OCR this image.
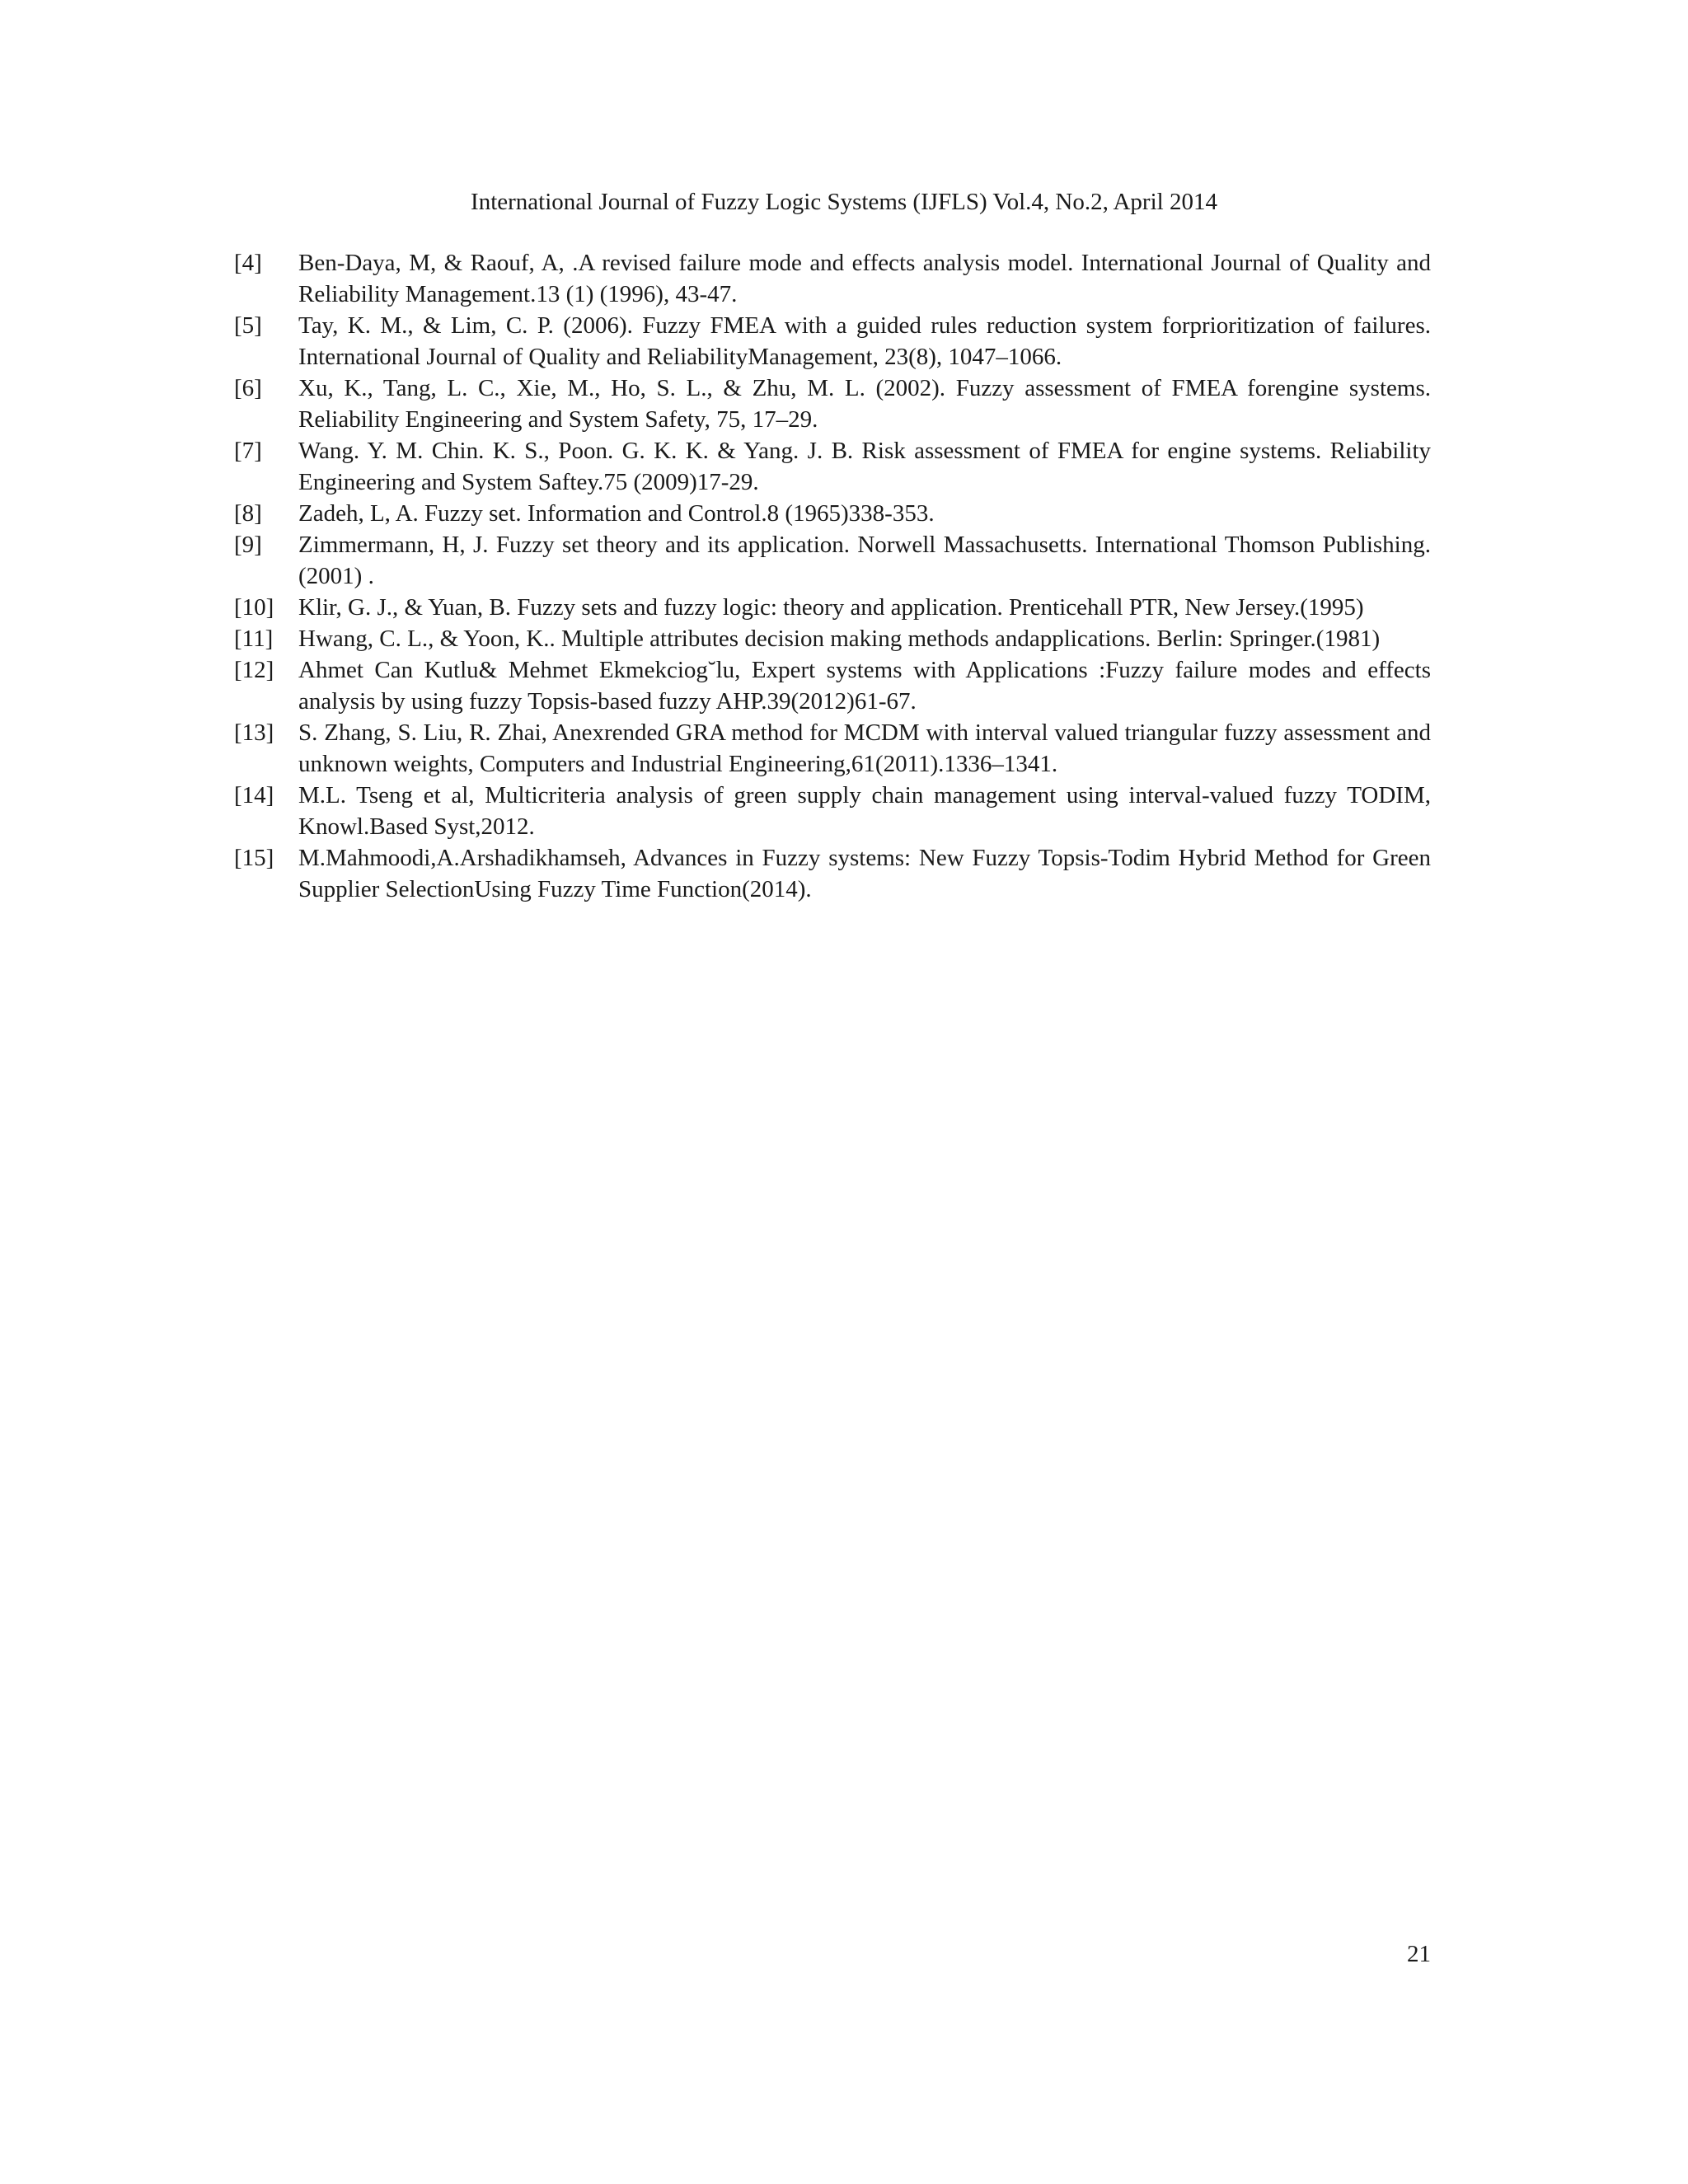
International Journal of Fuzzy Logic Systems (IJFLS) Vol.4, No.2, April 2014
[4] Ben-Daya, M, & Raouf, A, .A revised failure mode and effects analysis model. International Journal of Quality and Reliability Management.13 (1) (1996), 43-47.
[5] Tay, K. M., & Lim, C. P. (2006). Fuzzy FMEA with a guided rules reduction system forprioritization of failures. International Journal of Quality and ReliabilityManagement, 23(8), 1047–1066.
[6] Xu, K., Tang, L. C., Xie, M., Ho, S. L., & Zhu, M. L. (2002). Fuzzy assessment of FMEA forengine systems. Reliability Engineering and System Safety, 75, 17–29.
[7] Wang. Y. M. Chin. K. S., Poon. G. K. K. & Yang. J. B. Risk assessment of FMEA for engine systems. Reliability Engineering and System Saftey.75 (2009)17-29.
[8] Zadeh, L, A. Fuzzy set. Information and Control.8 (1965)338-353.
[9] Zimmermann, H, J. Fuzzy set theory and its application. Norwell Massachusetts. International Thomson Publishing. (2001) .
[10] Klir, G. J., & Yuan, B. Fuzzy sets and fuzzy logic: theory and application. Prenticehall PTR, New Jersey.(1995)
[11] Hwang, C. L., & Yoon, K.. Multiple attributes decision making methods andapplications. Berlin: Springer.(1981)
[12] Ahmet Can Kutlu& Mehmet Ekmekciog˘lu, Expert systems with Applications :Fuzzy failure modes and effects analysis by using fuzzy Topsis-based fuzzy AHP.39(2012)61-67.
[13] S. Zhang, S. Liu, R. Zhai, Anexrended GRA method for MCDM with interval valued triangular fuzzy assessment and unknown weights, Computers and Industrial Engineering,61(2011).1336–1341.
[14] M.L. Tseng et al, Multicriteria analysis of green supply chain management using interval-valued fuzzy TODIM, Knowl.Based Syst,2012.
[15] M.Mahmoodi,A.Arshadikhamseh, Advances in Fuzzy systems: New Fuzzy Topsis-Todim Hybrid Method for Green Supplier SelectionUsing Fuzzy Time Function(2014).
21
